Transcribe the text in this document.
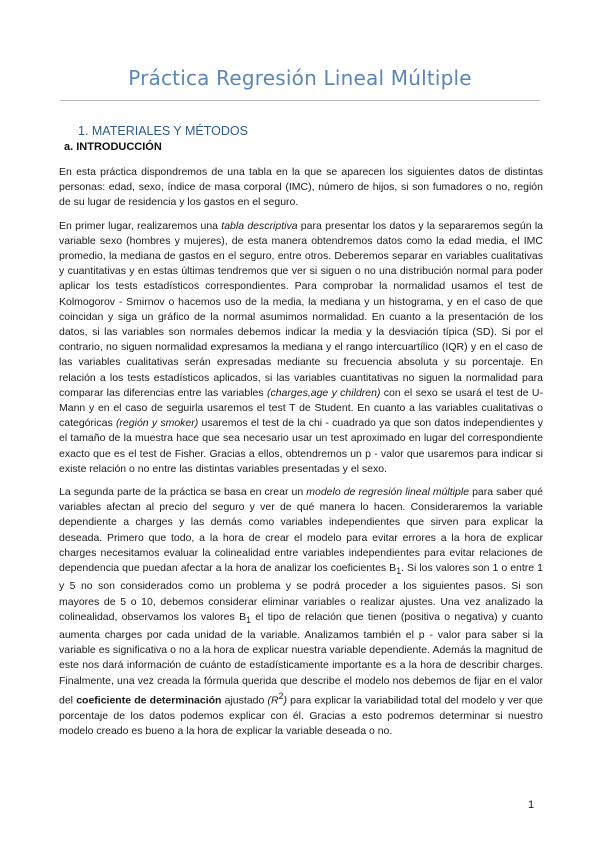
Práctica Regresión Lineal Múltiple
1. MATERIALES Y MÉTODOS
a. INTRODUCCIÓN

En esta práctica dispondremos de una tabla en la que se aparecen los siguientes datos de distintas personas: edad, sexo, índice de masa corporal (IMC), número de hijos, si son fumadores o no, región de su lugar de residencia y los gastos en el seguro.

En primer lugar, realizaremos una tabla descriptiva para presentar los datos y la separaremos según la variable sexo (hombres y mujeres), de esta manera obtendremos datos como la edad media, el IMC promedio, la mediana de gastos en el seguro, entre otros. Deberemos separar en variables cualitativas y cuantitativas y en estas últimas tendremos que ver si siguen o no una distribución normal para poder aplicar los tests estadísticos correspondientes. Para comprobar la normalidad usamos el test de Kolmogorov - Smirnov o hacemos uso de la media, la mediana y un histograma, y en el caso de que coincidan y siga un gráfico de la normal asumimos normalidad. En cuanto a la presentación de los datos, si las variables son normales debemos indicar la media y la desviación típica (SD). Si por el contrario, no siguen normalidad expresamos la mediana y el rango intercuartílico (IQR) y en el caso de las variables cualitativas serán expresadas mediante su frecuencia absoluta y su porcentaje. En relación a los tests estadísticos aplicados, si las variables cuantitativas no siguen la normalidad para comparar las diferencias entre las variables (charges,age y children) con el sexo se usará el test de U-Mann y en el caso de seguirla usaremos el test T de Student. En cuanto a las variables cualitativas o categóricas (región y smoker) usaremos el test de la chi - cuadrado ya que son datos independientes y el tamaño de la muestra hace que sea necesario usar un test aproximado en lugar del correspondiente exacto que es el test de Fisher. Gracias a ellos, obtendremos un p - valor que usaremos para indicar si existe relación o no entre las distintas variables presentadas y el sexo.

La segunda parte de la práctica se basa en crear un modelo de regresión lineal múltiple para saber qué variables afectan al precio del seguro y ver de qué manera lo hacen. Consideraremos la variable dependiente a charges y las demás como variables independientes que sirven para explicar la deseada. Primero que todo, a la hora de crear el modelo para evitar errores a la hora de explicar charges necesitamos evaluar la colinealidad entre variables independientes para evitar relaciones de dependencia que puedan afectar a la hora de analizar los coeficientes $B_1$. Si los valores son 1 o entre 1 y 5 no son considerados como un problema y se podrá proceder a los siguientes pasos. Si son mayores de 5 o 10, debemos considerar eliminar variables o realizar ajustes. Una vez analizado la colinealidad, observamos los valores $B_1$ el tipo de relación que tienen (positiva o negativa) y cuanto aumenta charges por cada unidad de la variable. Analizamos también el p - valor para saber si la variable es significativa o no a la hora de explicar nuestra variable dependiente. Además la magnitud de este nos dará información de cuánto de estadísticamente importante es a la hora de describir charges. Finalmente, una vez creada la fórmula querida que describe el modelo nos debemos de fijar en el valor del coeficiente de determinación ajustado $(R^2)$ para explicar la variabilidad total del modelo y ver que porcentaje de los datos podemos explicar con él. Gracias a esto podremos determinar si nuestro modelo creado es bueno a la hora de explicar la variable deseada o no.

1
